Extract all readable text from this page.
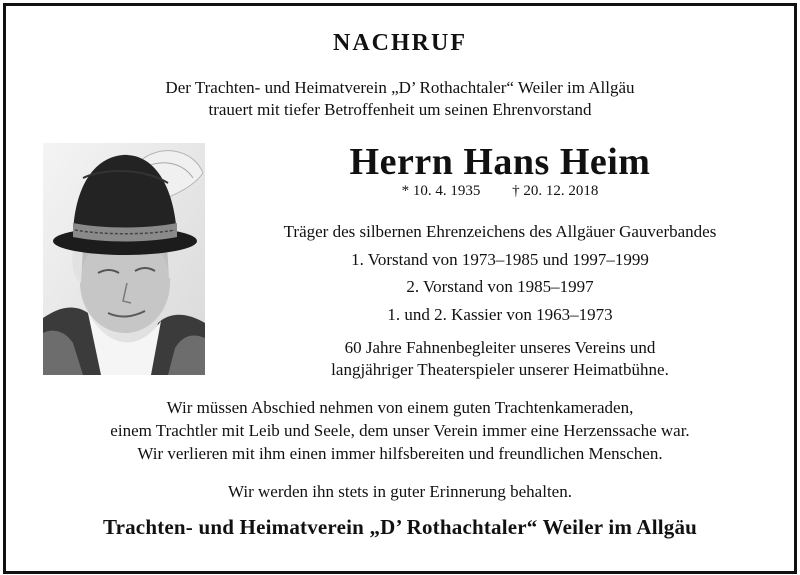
NACHRUF
Der Trachten- und Heimatverein „D’ Rothachtaler“ Weiler im Allgäu
trauert mit tiefer Betroffenheit um seinen Ehrenvorstand
Herrn Hans Heim
* 10. 4. 1935 † 20. 12. 2018
Träger des silbernen Ehrenzeichens des Allgäuer Gauverbandes
1. Vorstand von 1973–1985 und 1997–1999
2. Vorstand von 1985–1997
1. und 2. Kassier von 1963–1973
60 Jahre Fahnenbegleiter unseres Vereins und
langjähriger Theaterspieler unserer Heimatbühne.
Wir müssen Abschied nehmen von einem guten Trachtenkameraden,
einem Trachtler mit Leib und Seele, dem unser Verein immer eine Herzenssache war.
Wir verlieren mit ihm einen immer hilfsbereiten und freundlichen Menschen.
Wir werden ihn stets in guter Erinnerung behalten.
Trachten- und Heimatverein „D’ Rothachtaler“ Weiler im Allgäu
